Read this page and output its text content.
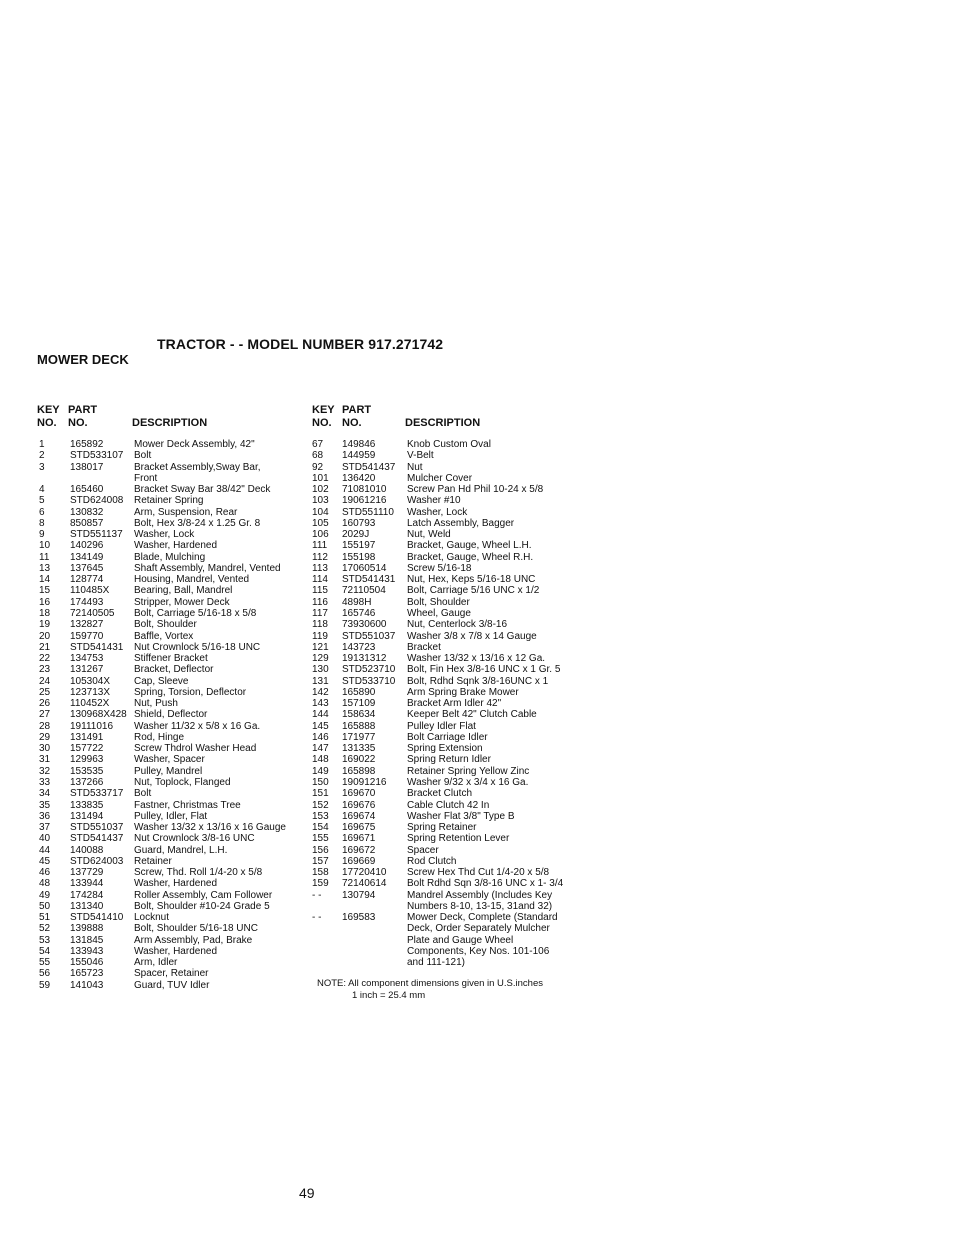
TRACTOR - - MODEL NUMBER 917.271742
MOWER DECK
KEY
NO.
PART
NO.	DESCRIPTION
KEY
NO.
PART
NO.	DESCRIPTION
1	165892	Mower Deck Assembly, 42"
2	STD533107 Bolt
3	138017	Bracket Assembly,Sway Bar,
Front
4	165460	Bracket Sway Bar 38/42" Deck
5	STD624008 Retainer Spring
6	130832	Arm, Suspension, Rear
8	850857	Bolt, Hex 3/8-24 x 1.25 Gr. 8
9	STD551137 Washer, Lock
10 140296	Washer, Hardened
11 134149	Blade, Mulching
13 137645	Shaft Assembly, Mandrel, Vented
14 128774	Housing, Mandrel, Vented
15 110485X Bearing, Ball, Mandrel
16 174493	Stripper, Mower Deck
18 72140505 Bolt, Carriage 5/16-18 x 5/8
19 132827	Bolt, Shoulder
20 159770	Baffle, Vortex
21 STD541431 Nut Crownlock 5/16-18 UNC
22 134753	Stiffener Bracket
23 131267	Bracket, Deflector
24 105304X Cap, Sleeve
25 123713X Spring, Torsion, Deflector
26 110452X Nut, Push
27 130968X428 Shield, Deflector
28 19111016 Washer 11/32 x 5/8 x 16 Ga.
29 131491	Rod, Hinge
30 157722	Screw Thdrol Washer Head
31 129963	Washer, Spacer
32 153535	Pulley, Mandrel
33 137266	Nut, Toplock, Flanged
34 STD533717 Bolt
35 133835	Fastner, Christmas Tree
36 131494	Pulley, Idler, Flat
37 STD551037 Washer 13/32 x 13/16 x 16 Gauge
40 STD541437 Nut Crownlock 3/8-16 UNC
44 140088	Guard, Mandrel, L.H.
45 STD624003 Retainer
46 137729	Screw, Thd. Roll 1/4-20 x 5/8
48 133944	Washer, Hardened
49 174284	Roller Assembly, Cam Follower
50 131340	Bolt, Shoulder #10-24 Grade 5
51 STD541410 Locknut
52 139888	Bolt, Shoulder 5/16-18 UNC
53 131845	Arm Assembly, Pad, Brake
54 133943	Washer, Hardened
55 155046	Arm, Idler
56 165723	Spacer, Retainer
59 141043	Guard, TUV Idler
67 149846	Knob Custom Oval
68 144959	V-Belt
92 STD541437 Nut
101 136420	Mulcher Cover
102 71081010 Screw Pan Hd Phil 10-24 x 5/8
103 19061216 Washer #10
104 STD551110 Washer, Lock
105 160793	Latch Assembly, Bagger
106 2029J	Nut, Weld
111 155197	Bracket, Gauge, Wheel L.H.
112 155198	Bracket, Gauge, Wheel R.H.
113 17060514 Screw 5/16-18
114 STD541431 Nut, Hex, Keps 5/16-18 UNC
115 72110504 Bolt, Carriage 5/16 UNC x 1/2
116 4898H	Bolt, Shoulder
117 165746	Wheel, Gauge
118 73930600 Nut, Centerlock 3/8-16
119 STD551037 Washer 3/8 x 7/8 x 14 Gauge
121 143723	Bracket
129 19131312 Washer 13/32 x 13/16 x 12 Ga.
130 STD523710 Bolt, Fin Hex 3/8-16 UNC x 1 Gr. 5
131 STD533710 Bolt, Rdhd Sqnk 3/8-16UNC x 1
142 165890	Arm Spring Brake Mower
143 157109	Bracket Arm Idler 42"
144 158634	Keeper Belt 42" Clutch Cable
145 165888	Pulley Idler Flat
146 171977	Bolt Carriage Idler
147 131335	Spring Extension
148 169022	Spring Return Idler
149 165898	Retainer Spring Yellow Zinc
150 19091216 Washer 9/32 x 3/4 x 16 Ga.
151 169670	Bracket Clutch
152 169676	Cable Clutch 42 In
153 169674	Washer Flat 3/8" Type B
154 169675	Spring Retainer
155 169671	Spring Retention Lever
156 169672	Spacer
157 169669	Rod Clutch
158 17720410 Screw Hex Thd Cut 1/4-20 x 5/8
159 72140614 Bolt Rdhd Sqn 3/8-16 UNC x 1- 3/4
- - 130794	Mandrel Assembly (Includes Key
Numbers 8-10, 13-15, 31and 32)
- - 169583	Mower Deck, Complete (Standard
Deck, Order Separately Mulcher
Plate and Gauge Wheel
Components, Key Nos. 101-106
and 111-121)
NOTE: All component dimensions given in U.S.inches
1 inch = 25.4 mm
49
